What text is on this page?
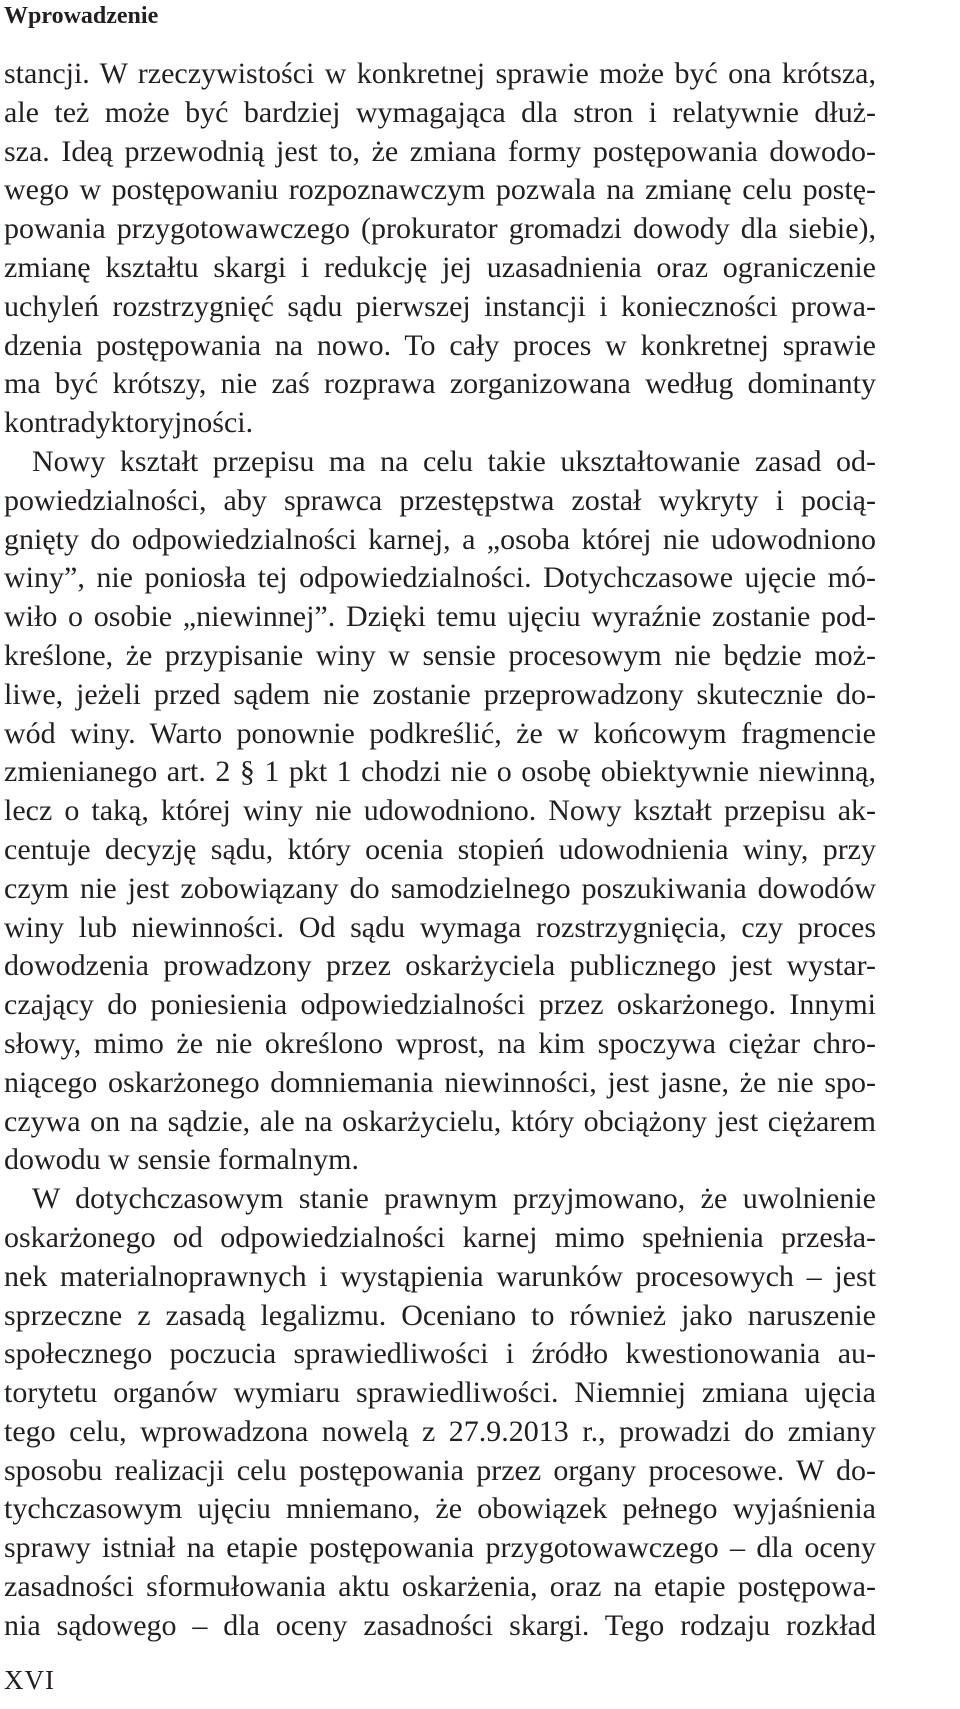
Wprowadzenie
stancji. W rzeczywistości w konkretnej sprawie może być ona krótsza,
ale też może być bardziej wymagająca dla stron i relatywnie dłuż-
sza. Ideą przewodnią jest to, że zmiana formy postępowania dowodo-
wego w postępowaniu rozpoznawczym pozwala na zmianę celu postę-
powania przygotowawczego (prokurator gromadzi dowody dla siebie),
zmianę kształtu skargi i redukcję jej uzasadnienia oraz ograniczenie
uchyleń rozstrzygnięć sądu pierwszej instancji i konieczności prowa-
dzenia postępowania na nowo. To cały proces w konkretnej sprawie
ma być krótszy, nie zaś rozprawa zorganizowana według dominanty
kontradyktoryjności.
Nowy kształt przepisu ma na celu takie ukształtowanie zasad od-
powiedzialności, aby sprawca przestępstwa został wykryty i pocią-
gnięty do odpowiedzialności karnej, a „osoba której nie udowodniono
winy”, nie poniosła tej odpowiedzialności. Dotychczasowe ujęcie mó-
wiło o osobie „niewinnej”. Dzięki temu ujęciu wyraźnie zostanie pod-
kreślone, że przypisanie winy w sensie procesowym nie będzie moż-
liwe, jeżeli przed sądem nie zostanie przeprowadzony skutecznie do-
wód winy. Warto ponownie podkreślić, że w końcowym fragmencie
zmienianego art. 2 § 1 pkt 1 chodzi nie o osobę obiektywnie niewinną,
lecz o taką, której winy nie udowodniono. Nowy kształt przepisu ak-
centuje decyzję sądu, który ocenia stopień udowodnienia winy, przy
czym nie jest zobowiązany do samodzielnego poszukiwania dowodów
winy lub niewinności. Od sądu wymaga rozstrzygnięcia, czy proces
dowodzenia prowadzony przez oskarżyciela publicznego jest wystar-
czający do poniesienia odpowiedzialności przez oskarżonego. Innymi
słowy, mimo że nie określono wprost, na kim spoczywa ciężar chro-
niącego oskarżonego domniemania niewinności, jest jasne, że nie spo-
czywa on na sądzie, ale na oskarżycielu, który obciążony jest ciężarem
dowodu w sensie formalnym.
W dotychczasowym stanie prawnym przyjmowano, że uwolnienie
oskarżonego od odpowiedzialności karnej mimo spełnienia przesła-
nek materialnoprawnych i wystąpienia warunków procesowych – jest
sprzeczne z zasadą legalizmu. Oceniano to również jako naruszenie
społecznego poczucia sprawiedliwości i źródło kwestionowania au-
torytetu organów wymiaru sprawiedliwości. Niemniej zmiana ujęcia
tego celu, wprowadzona nowelą z 27.9.2013 r., prowadzi do zmiany
sposobu realizacji celu postępowania przez organy procesowe. W do-
tychczasowym ujęciu mniemano, że obowiązek pełnego wyjaśnienia
sprawy istniał na etapie postępowania przygotowawczego – dla oceny
zasadności sformułowania aktu oskarżenia, oraz na etapie postępowa-
nia sądowego – dla oceny zasadności skargi. Tego rodzaju rozkład
XVI
